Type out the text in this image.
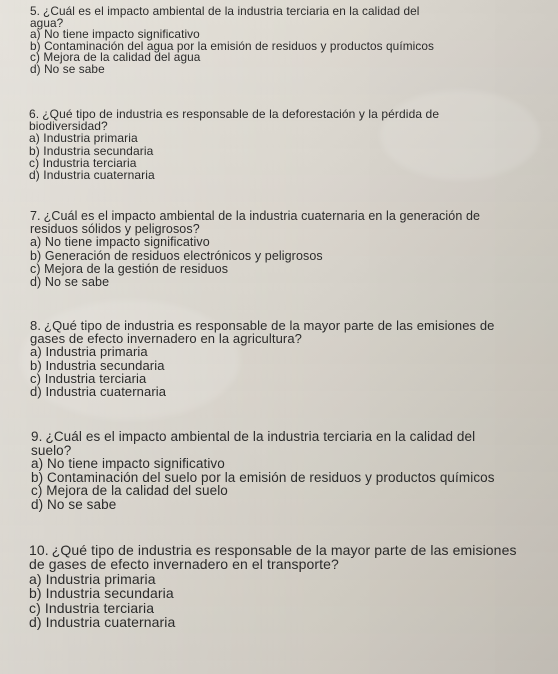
5. ¿Cuál es el impacto ambiental de la industria terciaria en la calidad del

agua?

a) No tiene impacto significativo

b) Contaminación del agua por la emisión de residuos y productos químicos

c) Mejora de la calidad del agua

d) No se sabe

6. ¿Qué tipo de industria es responsable de la deforestación y la pérdida de

biodiversidad?

a) Industria primaria

b) Industria secundaria

c) Industria terciaria

d) Industria cuaternaria

7. ¿Cuál es el impacto ambiental de la industria cuaternaria en la generación de

residuos sólidos y peligrosos?

a) No tiene impacto significativo

b) Generación de residuos electrónicos y peligrosos

c) Mejora de la gestión de residuos

d) No se sabe

8. ¿Qué tipo de industria es responsable de la mayor parte de las emisiones de

gases de efecto invernadero en la agricultura?

a) Industria primaria

b) Industria secundaria

c) Industria terciaria

d) Industria cuaternaria

9. ¿Cuál es el impacto ambiental de la industria terciaria en la calidad del

suelo?

a) No tiene impacto significativo

b) Contaminación del suelo por la emisión de residuos y productos químicos

c) Mejora de la calidad del suelo

d) No se sabe

10. ¿Qué tipo de industria es responsable de la mayor parte de las emisiones

de gases de efecto invernadero en el transporte?

a) Industria primaria

b) Industria secundaria

c) Industria terciaria

d) Industria cuaternaria
